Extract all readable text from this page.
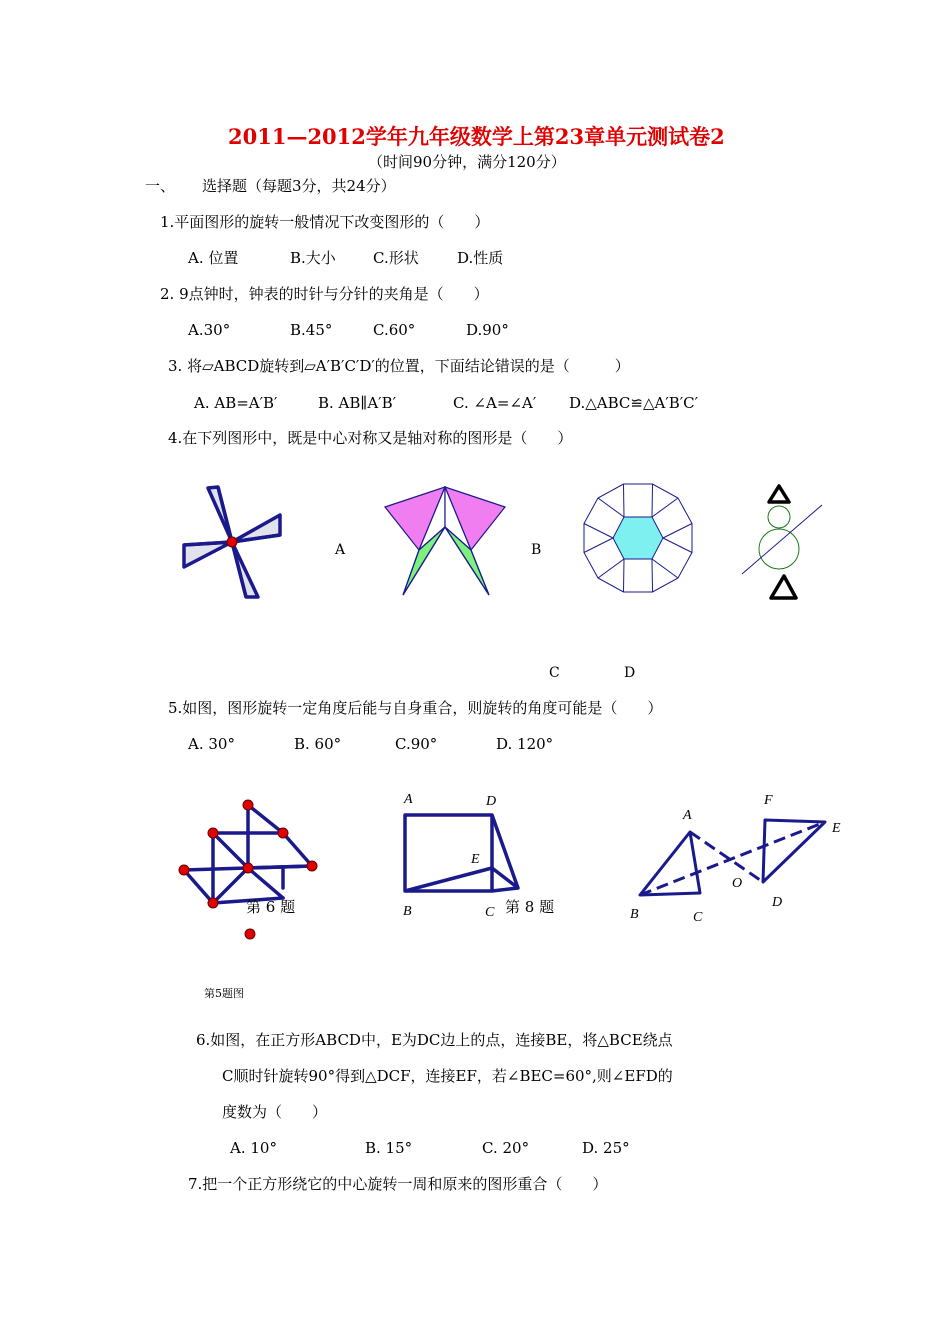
2011—2012学年九年级数学上第23章单元测试卷2
（时间90分钟，满分120分）
一、 选择题（每题3分，共24分）
1.平面图形的旋转一般情况下改变图形的（　　）
A. 位置	B.大小 C.形状	D.性质
2. 9点钟时，钟表的时针与分针的夹角是（　　）
A.30°	B.45°	C.60°	D.90°
3. 将▱ABCD旋转到▱A′B′C′D′的位置，下面结论错误的是（　　　）
A. AB=A′B′	B. AB∥A′B′	C. ∠A=∠A′ D.△ABC≌△A′B′C′
4.在下列图形中，既是中心对称又是轴对称的图形是（　　）
A	B
C	D
5.如图，图形旋转一定角度后能与自身重合，则旋转的角度可能是（　　）
A. 30°	B. 60°	C.90°	D. 120°
第 6 题
A	D
E
B	C 第 8 题
A
F
E
O
B	C
D
第5题图
6.如图，在正方形ABCD中，E为DC边上的点，连接BE，将△BCE绕点
C顺时针旋转90°得到△DCF，连接EF，若∠BEC=60°,则∠EFD的
度数为（　　）
A. 10°	B. 15°	C. 20°	D. 25°
7.把一个正方形绕它的中心旋转一周和原来的图形重合（　　）
